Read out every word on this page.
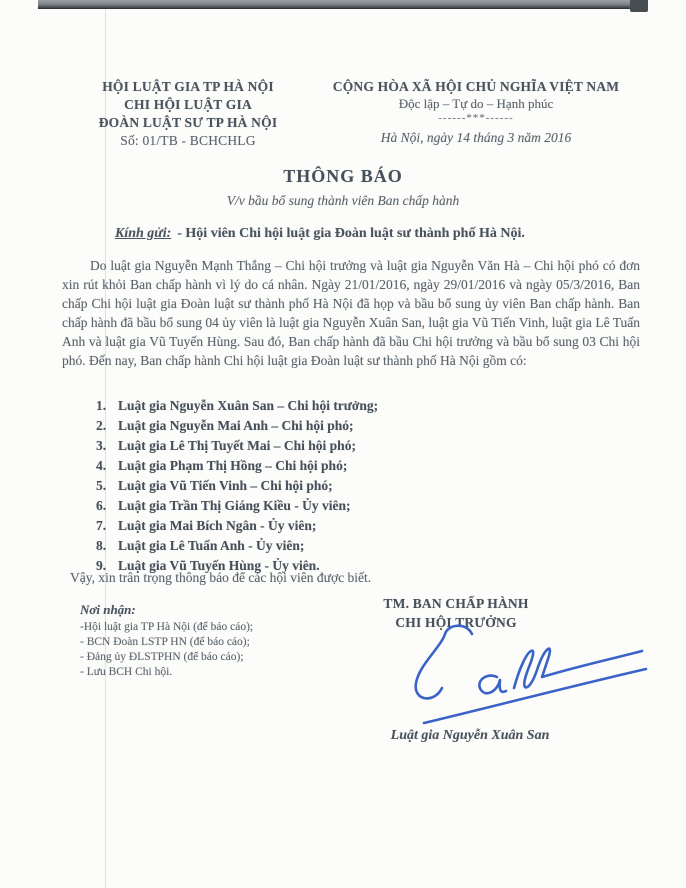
HỘI LUẬT GIA TP HÀ NỘI
CHI HỘI LUẬT GIA
ĐOÀN LUẬT SƯ TP HÀ NỘI
Số: 01/TB - BCHCHLG
CỘNG HÒA XÃ HỘI CHỦ NGHĨA VIỆT NAM
Độc lập – Tự do – Hạnh phúc
------***------
Hà Nội, ngày 14 tháng 3 năm 2016
THÔNG BÁO
V/v bầu bổ sung thành viên Ban chấp hành
Kính gửi: - Hội viên Chi hội luật gia Đoàn luật sư thành phố Hà Nội.
Do luật gia Nguyễn Mạnh Thắng – Chi hội trưởng và luật gia Nguyễn Văn Hà – Chi hội phó có đơn xin rút khỏi Ban chấp hành vì lý do cá nhân. Ngày 21/01/2016, ngày 29/01/2016 và ngày 05/3/2016, Ban chấp Chi hội luật gia Đoàn luật sư thành phố Hà Nội đã họp và bầu bổ sung ủy viên Ban chấp hành. Ban chấp hành đã bầu bổ sung 04 ủy viên là luật gia Nguyễn Xuân San, luật gia Vũ Tiến Vinh, luật gia Lê Tuấn Anh và luật gia Vũ Tuyến Hùng. Sau đó, Ban chấp hành đã bầu Chi hội trưởng và bầu bổ sung 03 Chi hội phó. Đến nay, Ban chấp hành Chi hội luật gia Đoàn luật sư thành phố Hà Nội gồm có:
1. Luật gia Nguyễn Xuân San – Chi hội trưởng;
2. Luật gia Nguyễn Mai Anh – Chi hội phó;
3. Luật gia Lê Thị Tuyết Mai – Chi hội phó;
4. Luật gia Phạm Thị Hồng – Chi hội phó;
5. Luật gia Vũ Tiến Vinh – Chi hội phó;
6. Luật gia Trần Thị Giáng Kiều - Ủy viên;
7. Luật gia Mai Bích Ngân - Ủy viên;
8. Luật gia Lê Tuấn Anh - Ủy viên;
9. Luật gia Vũ Tuyến Hùng - Ủy viên.
Vậy, xin trân trọng thông báo để các hội viên được biết.
Nơi nhận:
-Hội luật gia TP Hà Nội (để báo cáo);
- BCN Đoàn LSTP HN (để báo cáo);
- Đảng ủy ĐLSTPHN (để báo cáo);
- Lưu BCH Chi hội.
TM. BAN CHẤP HÀNH
CHI HỘI TRƯỞNG
Luật gia Nguyễn Xuân San
